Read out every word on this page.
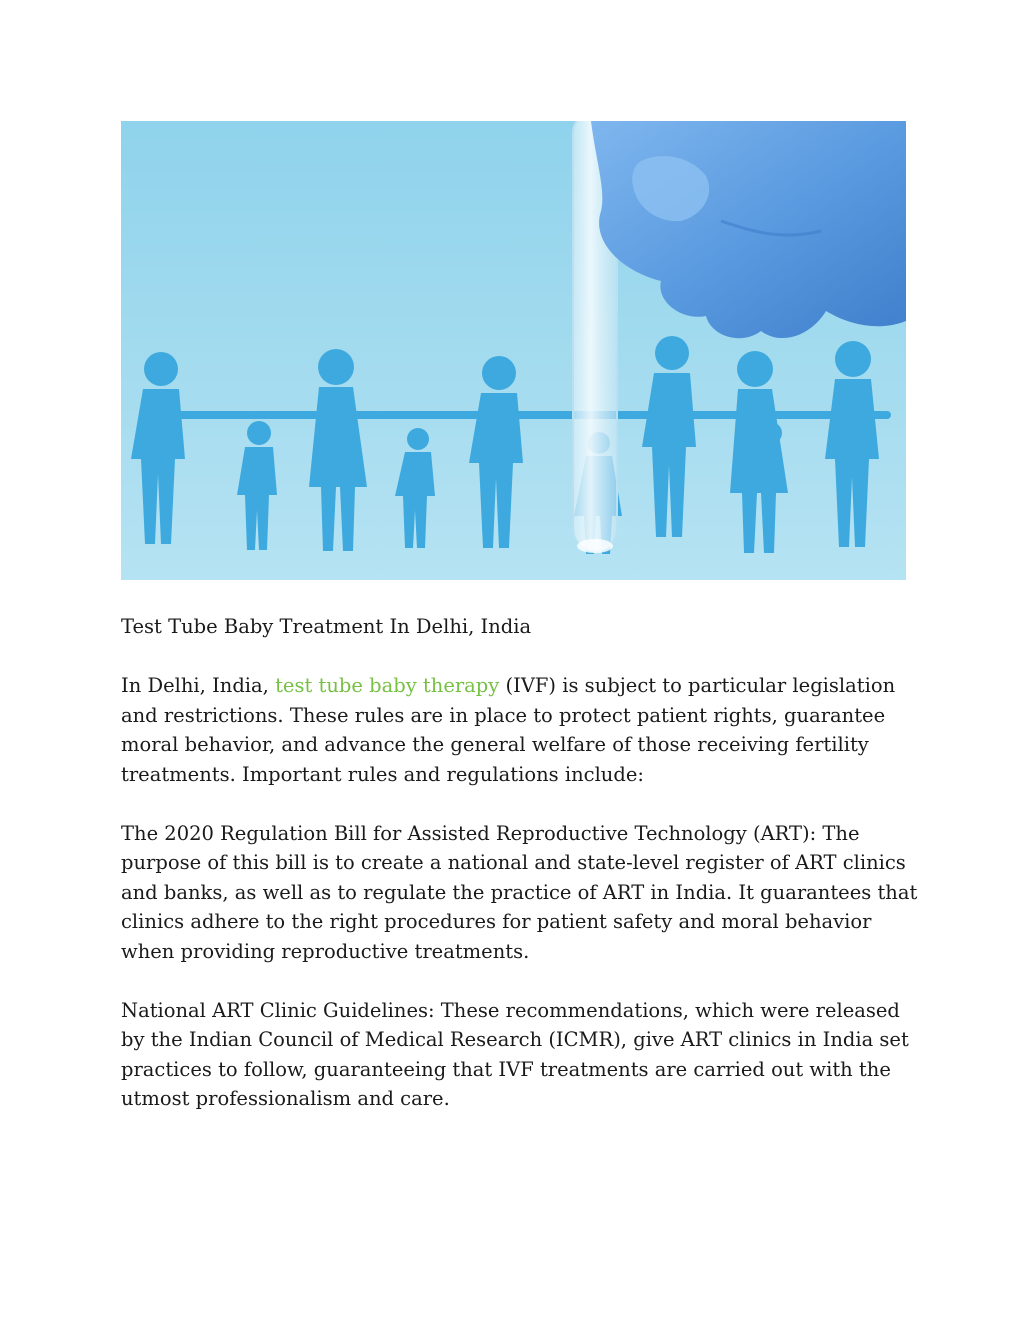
Test Tube Baby Treatment In Delhi, India

In Delhi, India, test tube baby therapy (IVF) is subject to particular legislation and restrictions. These rules are in place to protect patient rights, guarantee moral behavior, and advance the general welfare of those receiving fertility treatments. Important rules and regulations include:

The 2020 Regulation Bill for Assisted Reproductive Technology (ART): The purpose of this bill is to create a national and state-level register of ART clinics and banks, as well as to regulate the practice of ART in India. It guarantees that clinics adhere to the right procedures for patient safety and moral behavior when providing reproductive treatments.

National ART Clinic Guidelines: These recommendations, which were released by the Indian Council of Medical Research (ICMR), give ART clinics in India set practices to follow, guaranteeing that IVF treatments are carried out with the utmost professionalism and care.
